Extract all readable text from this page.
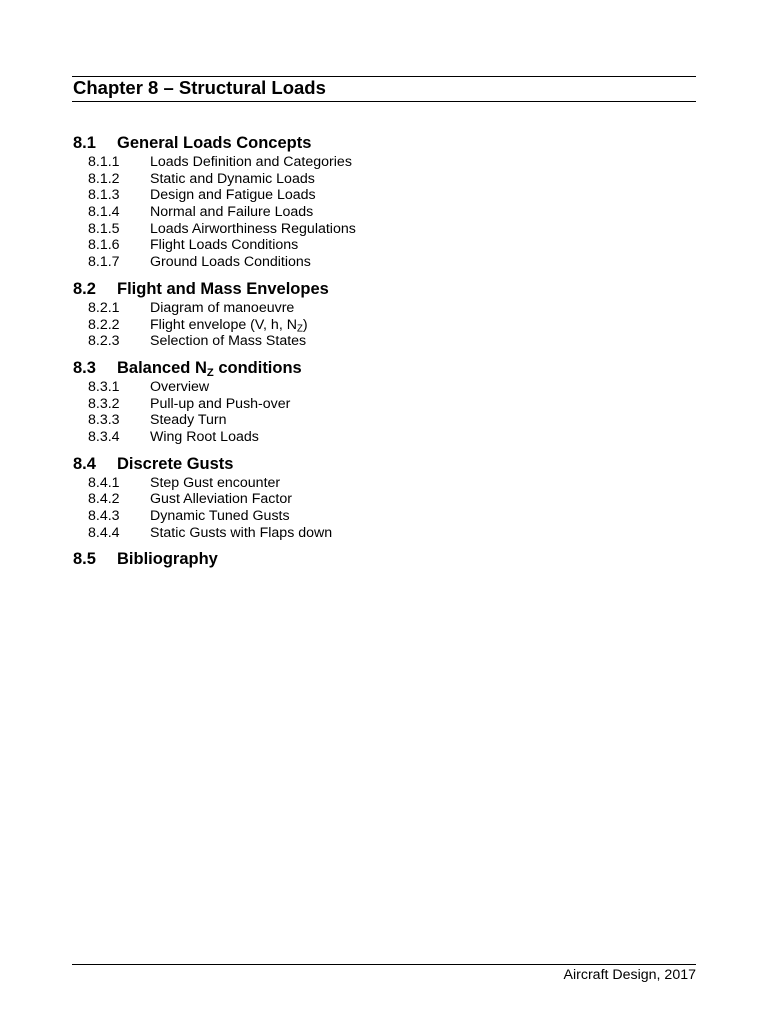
Chapter 8 – Structural Loads
8.1	General Loads Concepts
8.1.1	Loads Definition and Categories
8.1.2	Static and Dynamic Loads
8.1.3	Design and Fatigue Loads
8.1.4	Normal and Failure Loads
8.1.5	Loads Airworthiness Regulations
8.1.6	Flight Loads Conditions
8.1.7	Ground Loads Conditions
8.2	Flight and Mass Envelopes
8.2.1	Diagram of manoeuvre
8.2.2	Flight envelope (V, h, $N_Z$)
8.2.3	Selection of Mass States
8.3	Balanced $N_Z$ conditions
8.3.1	Overview
8.3.2	Pull-up and Push-over
8.3.3	Steady Turn
8.3.4	Wing Root Loads
8.4	Discrete Gusts
8.4.1	Step Gust encounter
8.4.2	Gust Alleviation Factor
8.4.3	Dynamic Tuned Gusts
8.4.4	Static Gusts with Flaps down
8.5	Bibliography
Aircraft Design, 2017
